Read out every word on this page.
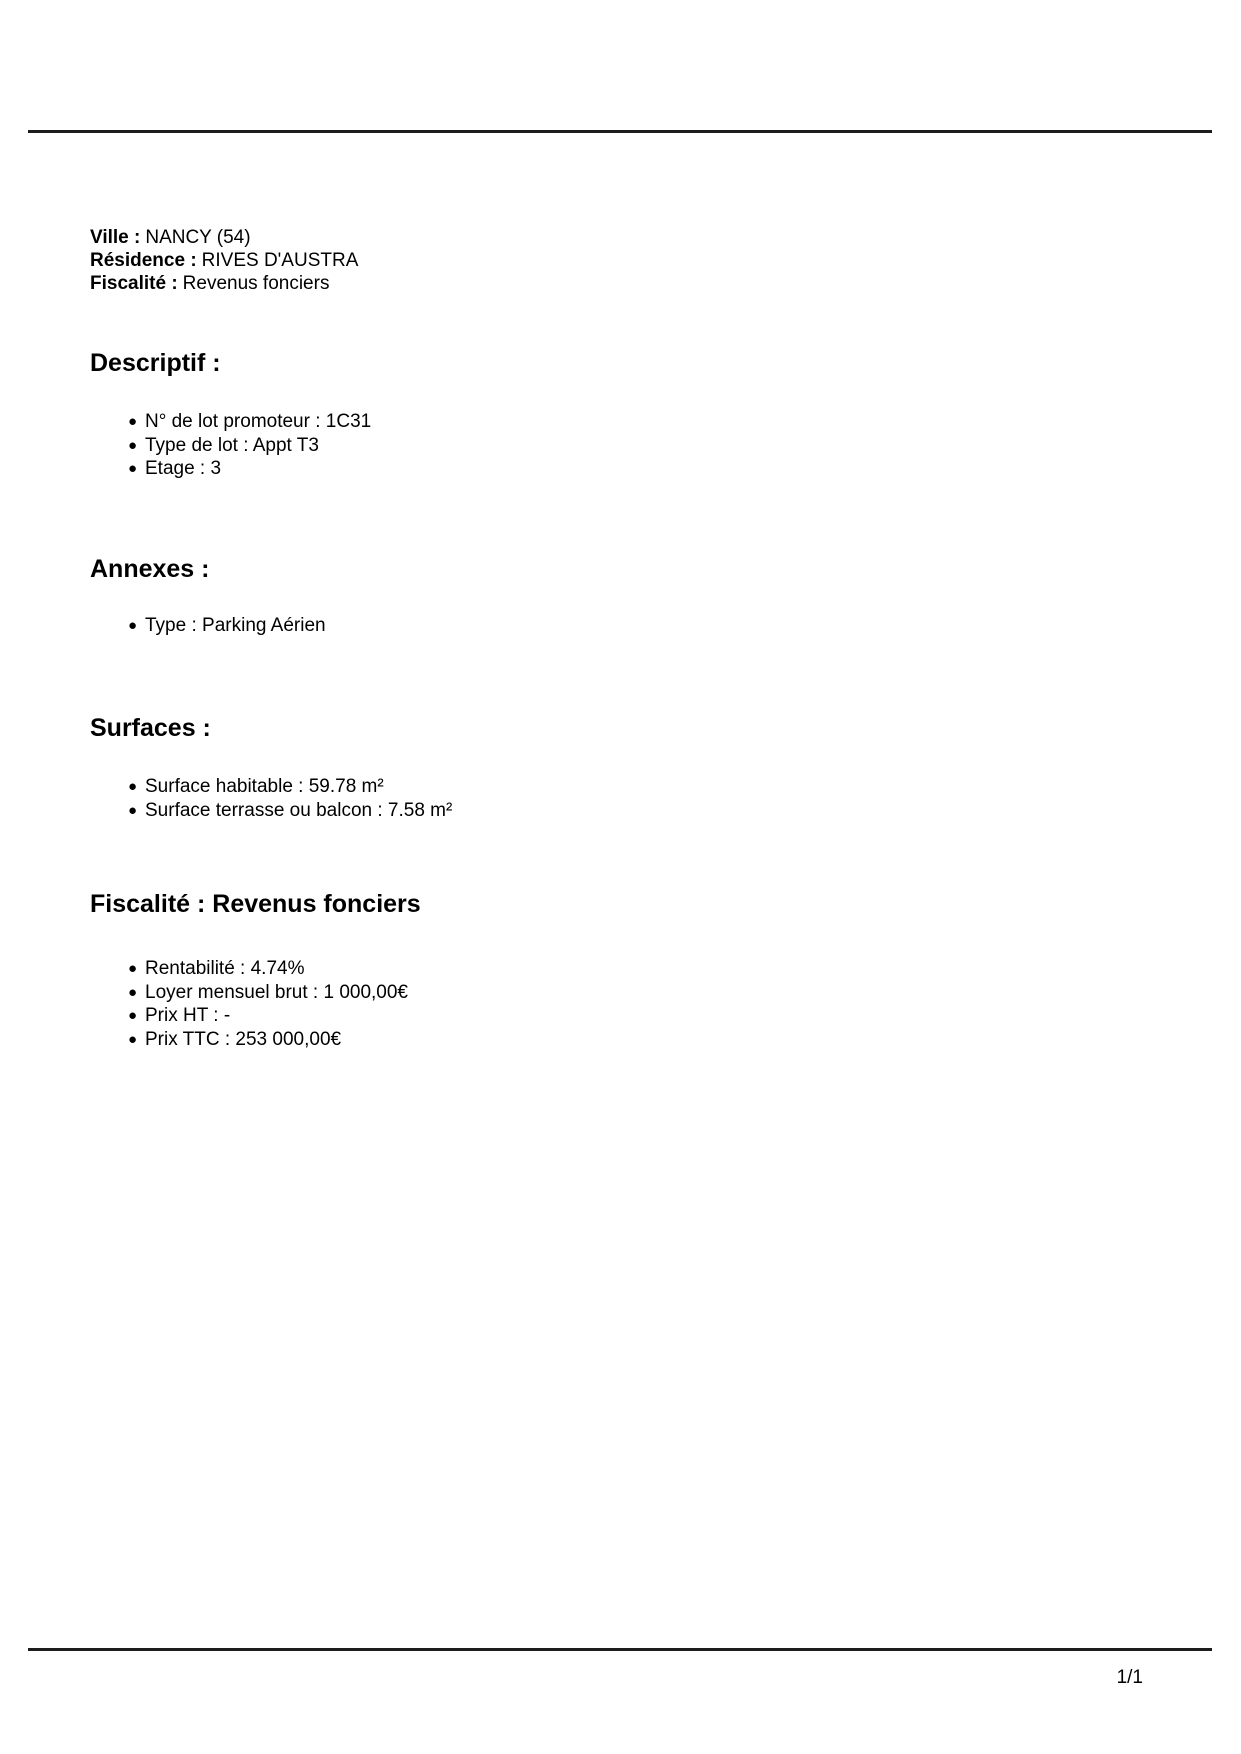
Ville : NANCY (54)
Résidence : RIVES D'AUSTRA
Fiscalité : Revenus fonciers
Descriptif :
● N° de lot promoteur : 1C31
● Type de lot : Appt T3
● Etage : 3
Annexes :
● Type : Parking Aérien
Surfaces :
● Surface habitable : 59.78 m²
● Surface terrasse ou balcon : 7.58 m²
Fiscalité : Revenus fonciers
● Rentabilité : 4.74%
● Loyer mensuel brut : 1 000,00€
● Prix HT : -
● Prix TTC : 253 000,00€
1/1
